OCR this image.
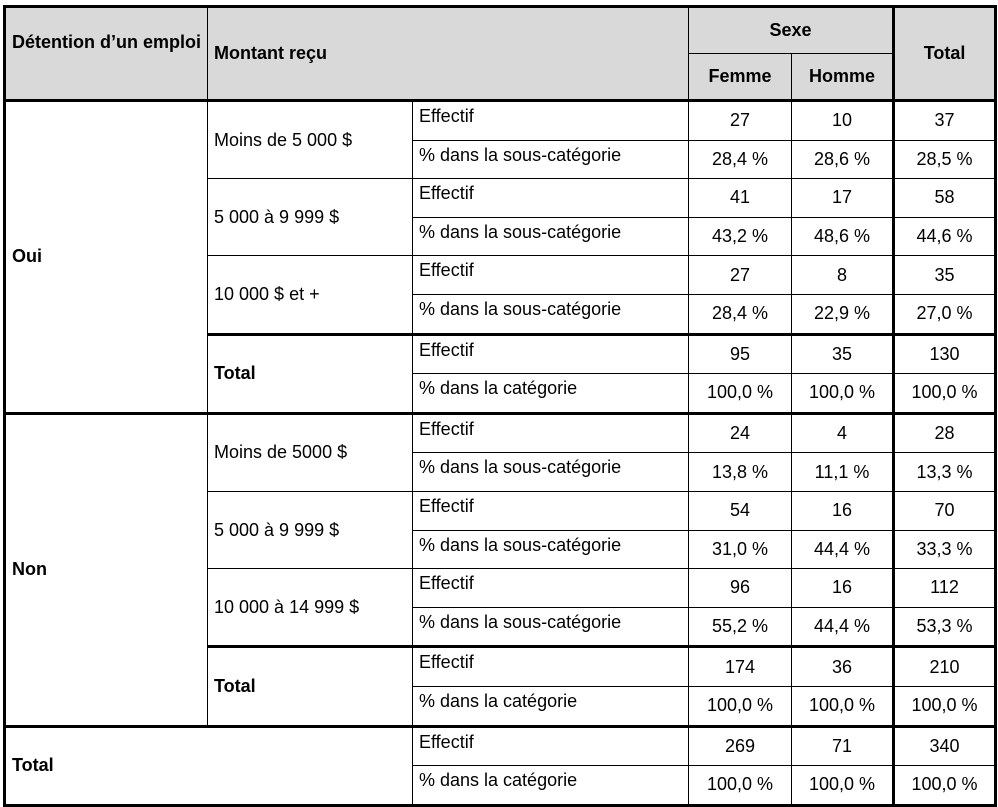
Détention d’un emploi	Montant reçu		Sexe		Total
			Femme	Homme	
Oui	Moins de 5 000 $	Effectif	27	10	37
		% dans la sous-catégorie	28,4 %	28,6 %	28,5 %
	5 000 à 9 999 $	Effectif	41	17	58
		% dans la sous-catégorie	43,2 %	48,6 %	44,6 %
	10 000 $ et +	Effectif	27	8	35
		% dans la sous-catégorie	28,4 %	22,9 %	27,0 %
	Total	Effectif	95	35	130
		% dans la catégorie	100,0 %	100,0 %	100,0 %
Non	Moins de 5000 $	Effectif	24	4	28
		% dans la sous-catégorie	13,8 %	11,1 %	13,3 %
	5 000 à 9 999 $	Effectif	54	16	70
		% dans la sous-catégorie	31,0 %	44,4 %	33,3 %
	10 000 à 14 999 $	Effectif	96	16	112
		% dans la sous-catégorie	55,2 %	44,4 %	53,3 %
	Total	Effectif	174	36	210
		% dans la catégorie	100,0 %	100,0 %	100,0 %
Total		Effectif	269	71	340
		% dans la catégorie	100,0 %	100,0 %	100,0 %
